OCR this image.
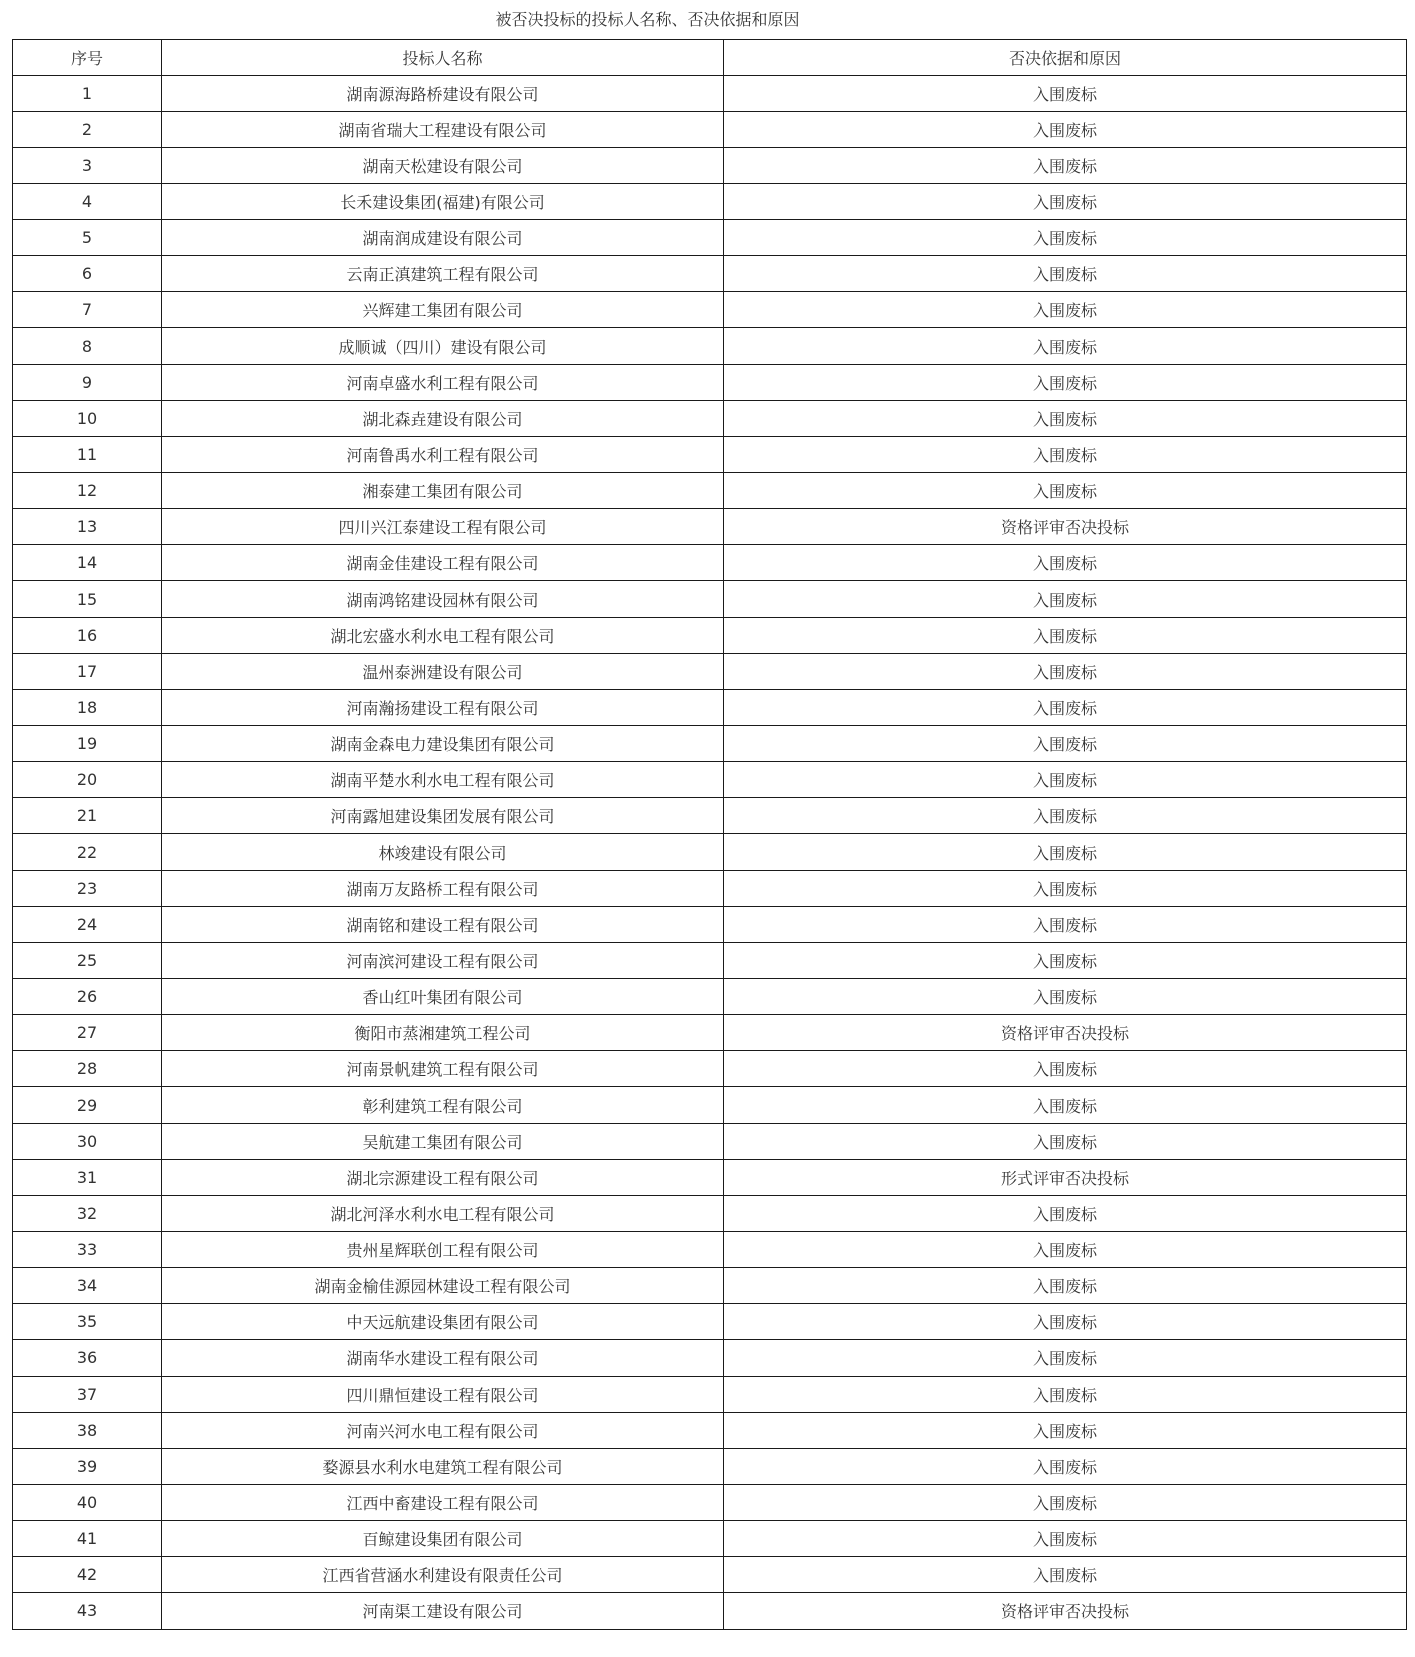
被否决投标的投标人名称、否决依据和原因
序号	投标人名称	否决依据和原因
1	湖南源海路桥建设有限公司	入围废标
2	湖南省瑞大工程建设有限公司	入围废标
3	湖南天松建设有限公司	入围废标
4	长禾建设集团(福建)有限公司	入围废标
5	湖南润成建设有限公司	入围废标
6	云南正滇建筑工程有限公司	入围废标
7	兴辉建工集团有限公司	入围废标
8	成顺诚（四川）建设有限公司	入围废标
9	河南卓盛水利工程有限公司	入围废标
10	湖北森垚建设有限公司	入围废标
11	河南鲁禹水利工程有限公司	入围废标
12	湘泰建工集团有限公司	入围废标
13	四川兴江泰建设工程有限公司	资格评审否决投标
14	湖南金佳建设工程有限公司	入围废标
15	湖南鸿铭建设园林有限公司	入围废标
16	湖北宏盛水利水电工程有限公司	入围废标
17	温州泰洲建设有限公司	入围废标
18	河南瀚扬建设工程有限公司	入围废标
19	湖南金森电力建设集团有限公司	入围废标
20	湖南平楚水利水电工程有限公司	入围废标
21	河南露旭建设集团发展有限公司	入围废标
22	林竣建设有限公司	入围废标
23	湖南万友路桥工程有限公司	入围废标
24	湖南铭和建设工程有限公司	入围废标
25	河南滨河建设工程有限公司	入围废标
26	香山红叶集团有限公司	入围废标
27	衡阳市蒸湘建筑工程公司	资格评审否决投标
28	河南景帆建筑工程有限公司	入围废标
29	彰利建筑工程有限公司	入围废标
30	吴航建工集团有限公司	入围废标
31	湖北宗源建设工程有限公司	形式评审否决投标
32	湖北河泽水利水电工程有限公司	入围废标
33	贵州星辉联创工程有限公司	入围废标
34	湖南金榆佳源园林建设工程有限公司	入围废标
35	中天远航建设集团有限公司	入围废标
36	湖南华水建设工程有限公司	入围废标
37	四川鼎恒建设工程有限公司	入围废标
38	河南兴河水电工程有限公司	入围废标
39	婺源县水利水电建筑工程有限公司	入围废标
40	江西中畜建设工程有限公司	入围废标
41	百鲸建设集团有限公司	入围废标
42	江西省营涵水利建设有限责任公司	入围废标
43	河南渠工建设有限公司	资格评审否决投标
